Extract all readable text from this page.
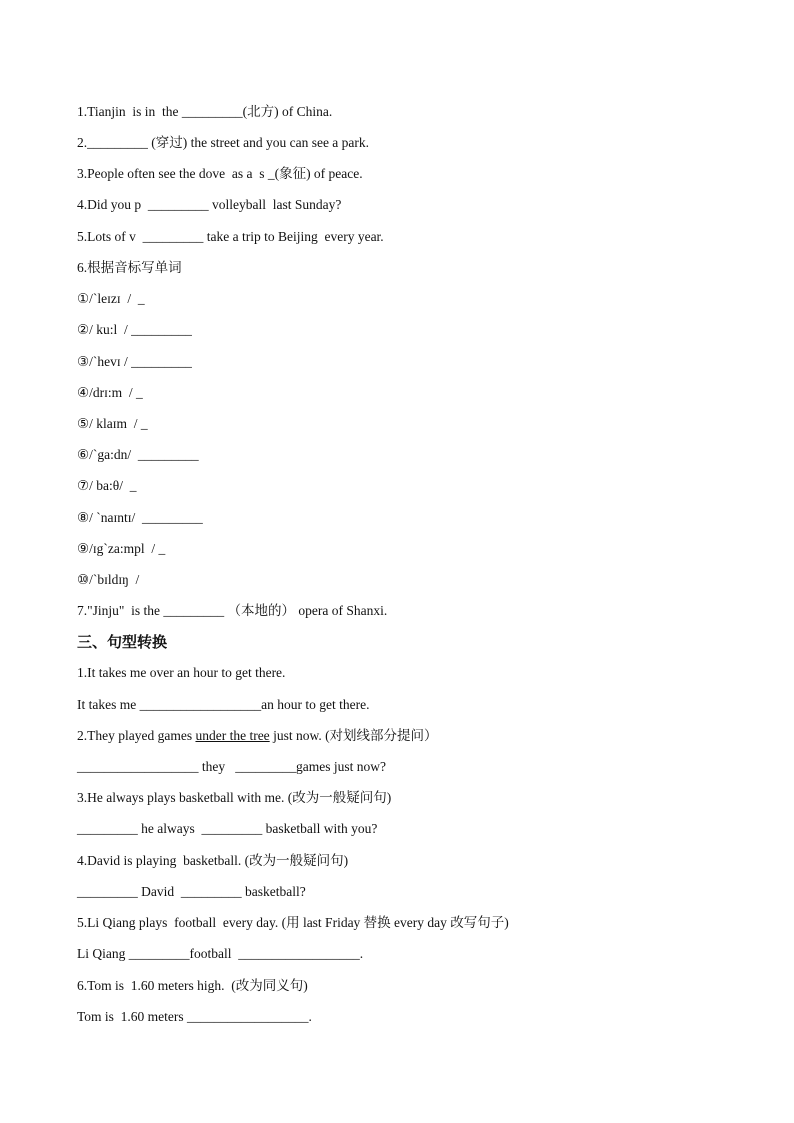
1.Tianjin  is in  the _________(北方) of China.
2._________ (穿过) the street and you can see a park.
3.People often see the dove  as a  s _(象征) of peace.
4.Did you p  _________ volleyball  last Sunday?
5.Lots of v  _________ take a trip to Beijing  every year.
6.根据音标写单词
①/ˋleɪzɪ  /  _
②/ ku:l  / _________
③/ˋhevɪ / _________
④/drɪ:m  / _
⑤/ klaɪm  / _
⑥/ˋga:dn/  _________
⑦/ ba:θ/  _
⑧/ ˋnaɪntɪ/  _________
⑨/ɪgˋza:mpl  / _
⑩/ˋbɪldɪŋ  /
7."Jinju"  is the _________ （本地的） opera of Shanxi.
三、句型转换
1.It takes me over an hour to get there.
It takes me __________________an hour to get there.
2.They played games under the tree just now. (对划线部分提问）
__________________ they   _________games just now?
3.He always plays basketball with me. (改为一般疑问句)
_________ he always  _________ basketball with you?
4.David is playing  basketball. (改为一般疑问句)
_________ David  _________ basketball?
5.Li Qiang plays  football  every day. (用 last Friday 替换 every day 改写句子)
Li Qiang _________football  __________________.
6.Tom is  1.60 meters high.  (改为同义句)
Tom is  1.60 meters __________________.
